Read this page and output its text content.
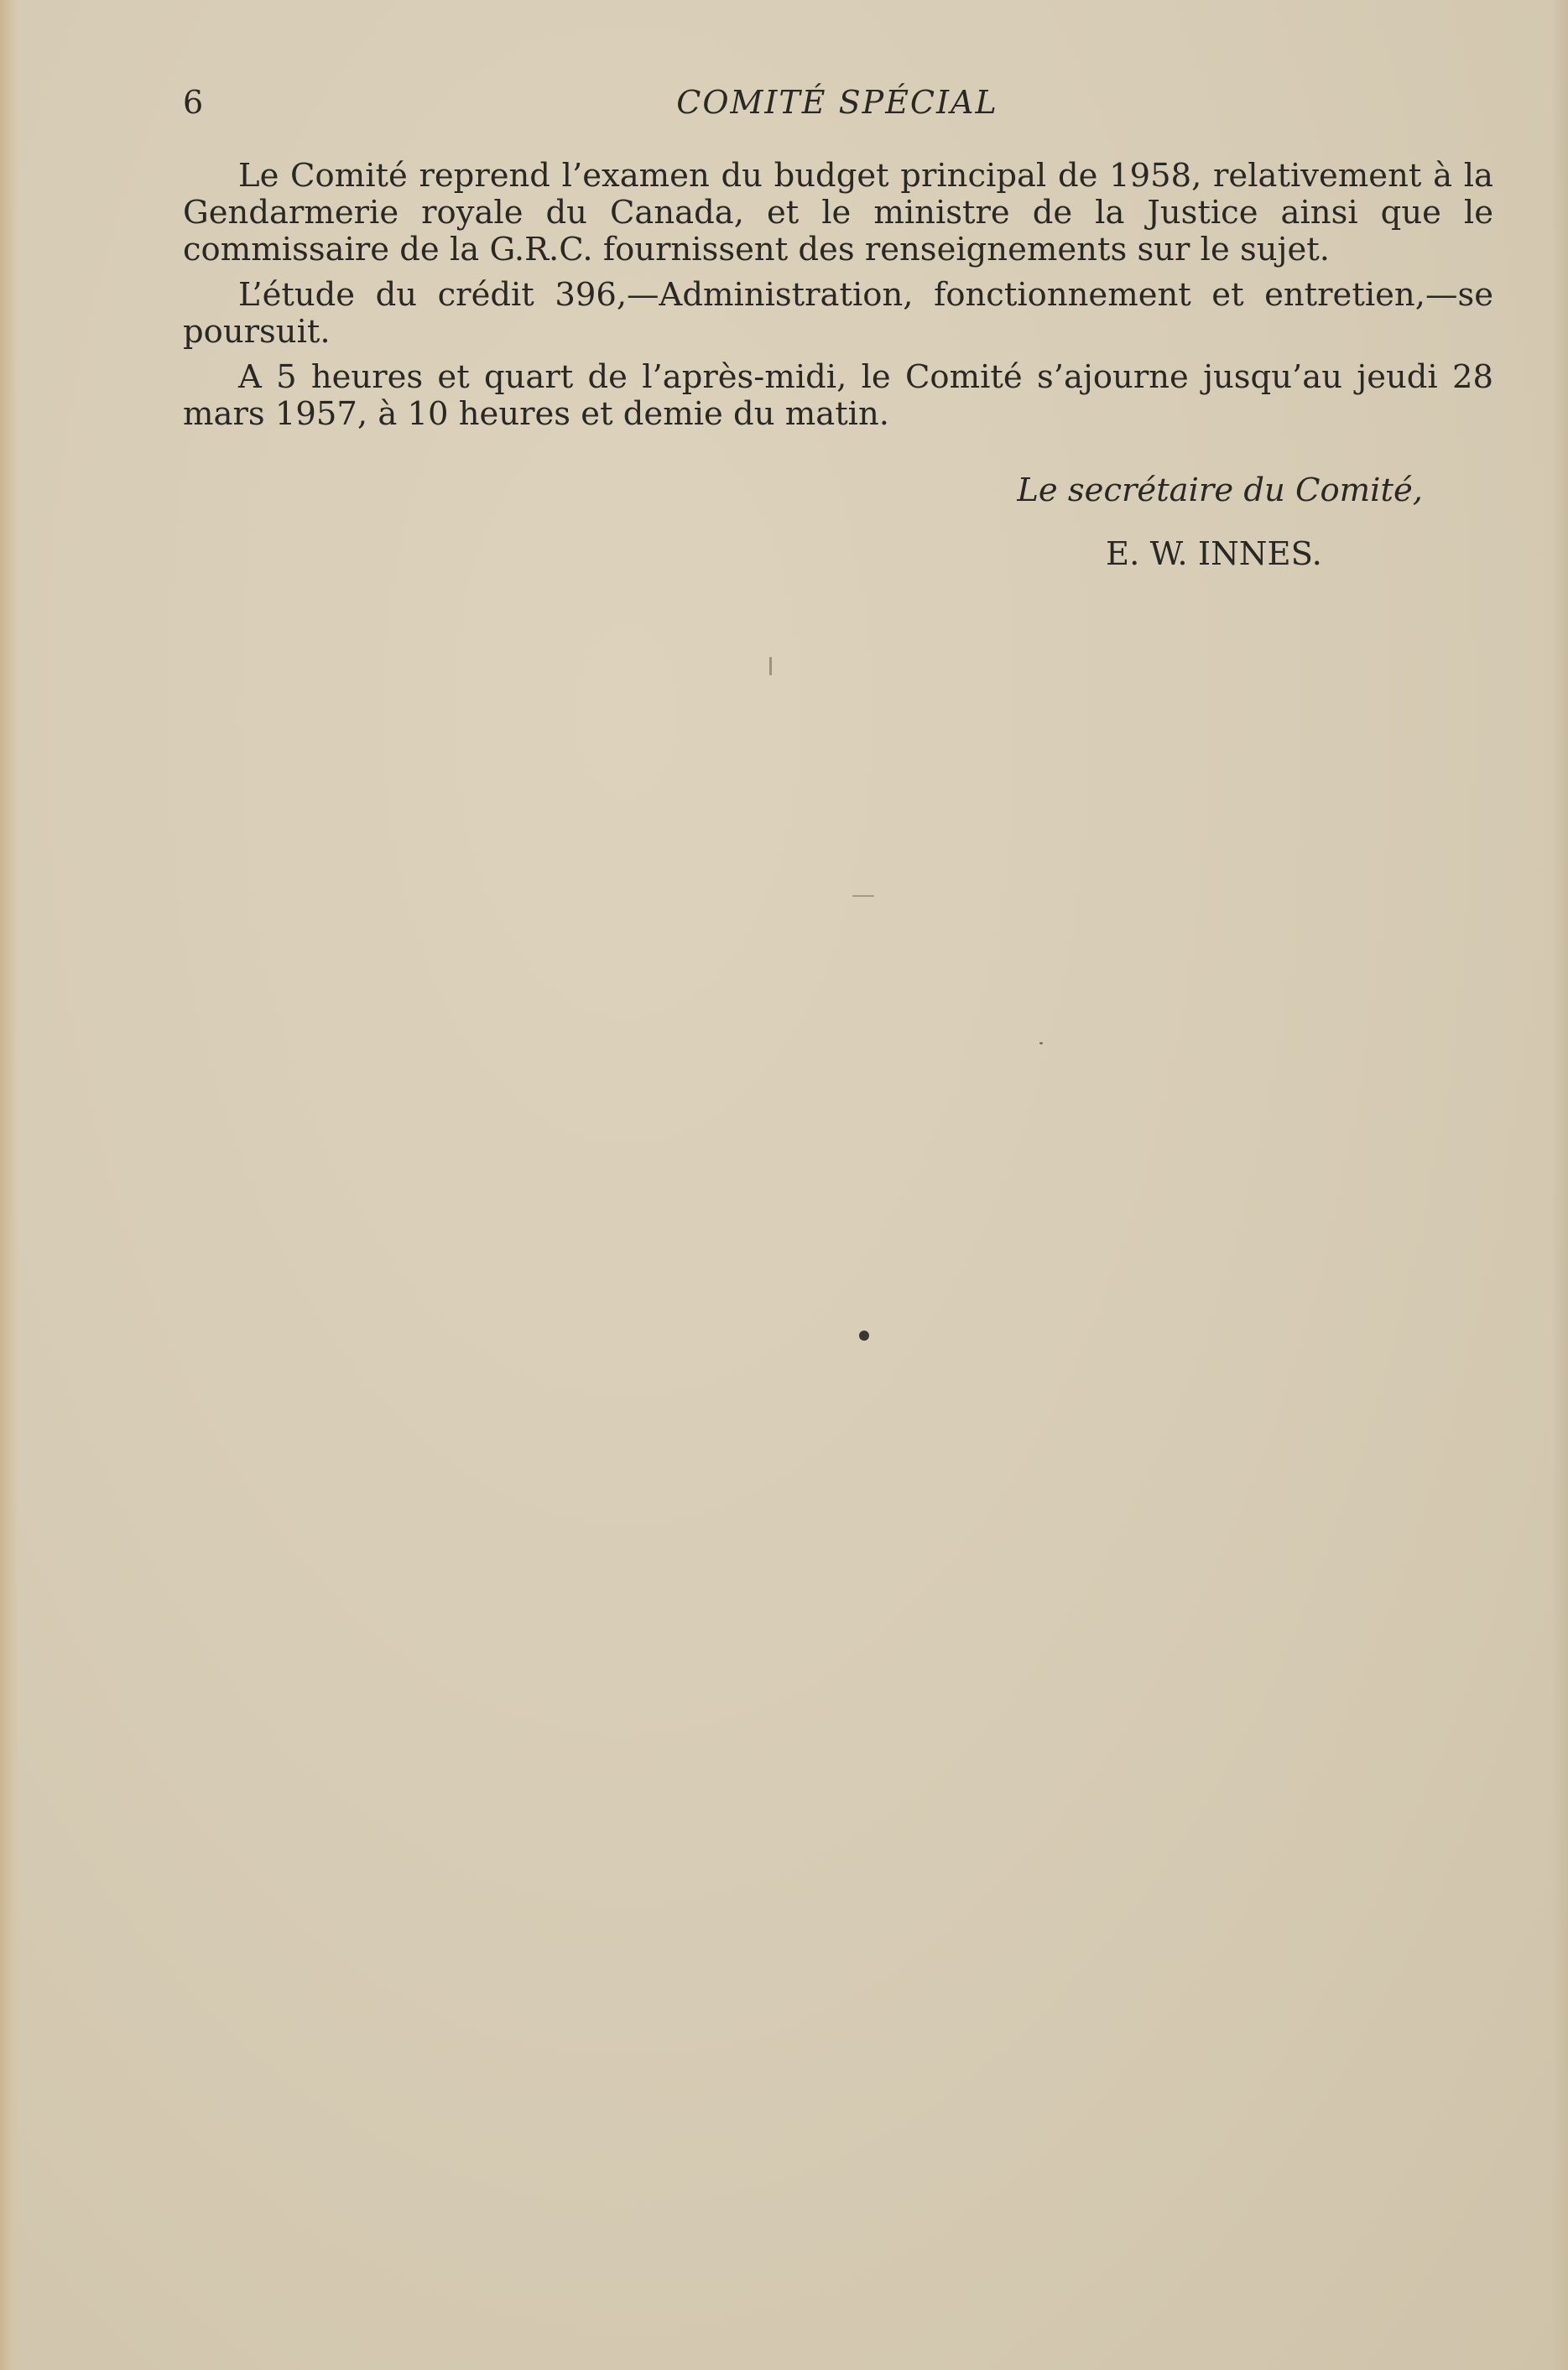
6	COMITÉ SPÉCIAL

Le Comité reprend l’examen du budget principal de 1958, relativement à la Gendarmerie royale du Canada, et le ministre de la Justice ainsi que le commissaire de la G.R.C. fournissent des renseignements sur le sujet.

L’étude du crédit 396,—Administration, fonctionnement et entretien,—se poursuit.

A 5 heures et quart de l’après-midi, le Comité s’ajourne jusqu’au jeudi 28 mars 1957, à 10 heures et demie du matin.

Le secrétaire du Comité,
E. W. INNES.
